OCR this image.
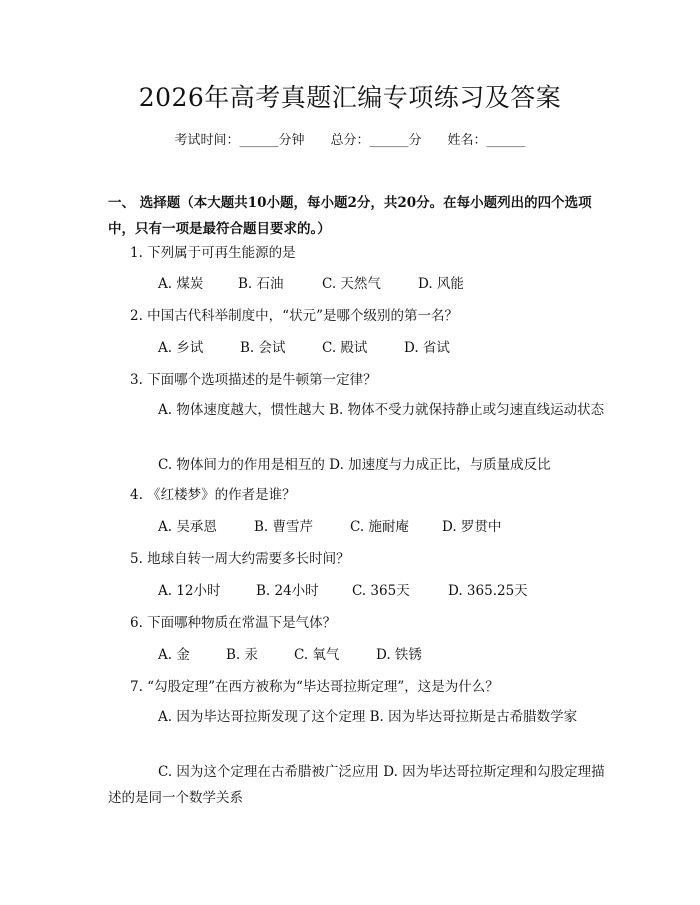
2026年高考真题汇编专项练习及答案
考试时间：______分钟 总分：______分 姓名：______
一、 选择题（本大题共10小题，每小题2分，共20分。在每小题列出的四个选项中，只有一项是最符合题目要求的。）
1. 下列属于可再生能源的是
A. 煤炭	B. 石油	C. 天然气	D. 风能
2. 中国古代科举制度中，“状元”是哪个级别的第一名？
A. 乡试	B. 会试	C. 殿试	D. 省试
3. 下面哪个选项描述的是牛顿第一定律？
A. 物体速度越大，惯性越大 B. 物体不受力就保持静止或匀速直线运动状态
C. 物体间力的作用是相互的 D. 加速度与力成正比，与质量成反比
4. 《红楼梦》的作者是谁？
A. 吴承恩	B. 曹雪芹	C. 施耐庵 D. 罗贯中
5. 地球自转一周大约需要多长时间？
A. 12小时	B. 24小时 C. 365天	D. 365.25天
6. 下面哪种物质在常温下是气体？
A. 金	B. 汞	C. 氧气	D. 铁锈
7. “勾股定理”在西方被称为“毕达哥拉斯定理”，这是为什么？
A. 因为毕达哥拉斯发现了这个定理 B. 因为毕达哥拉斯是古希腊数学家
C. 因为这个定理在古希腊被广泛应用 D. 因为毕达哥拉斯定理和勾股定理描述的是同一个数学关系
